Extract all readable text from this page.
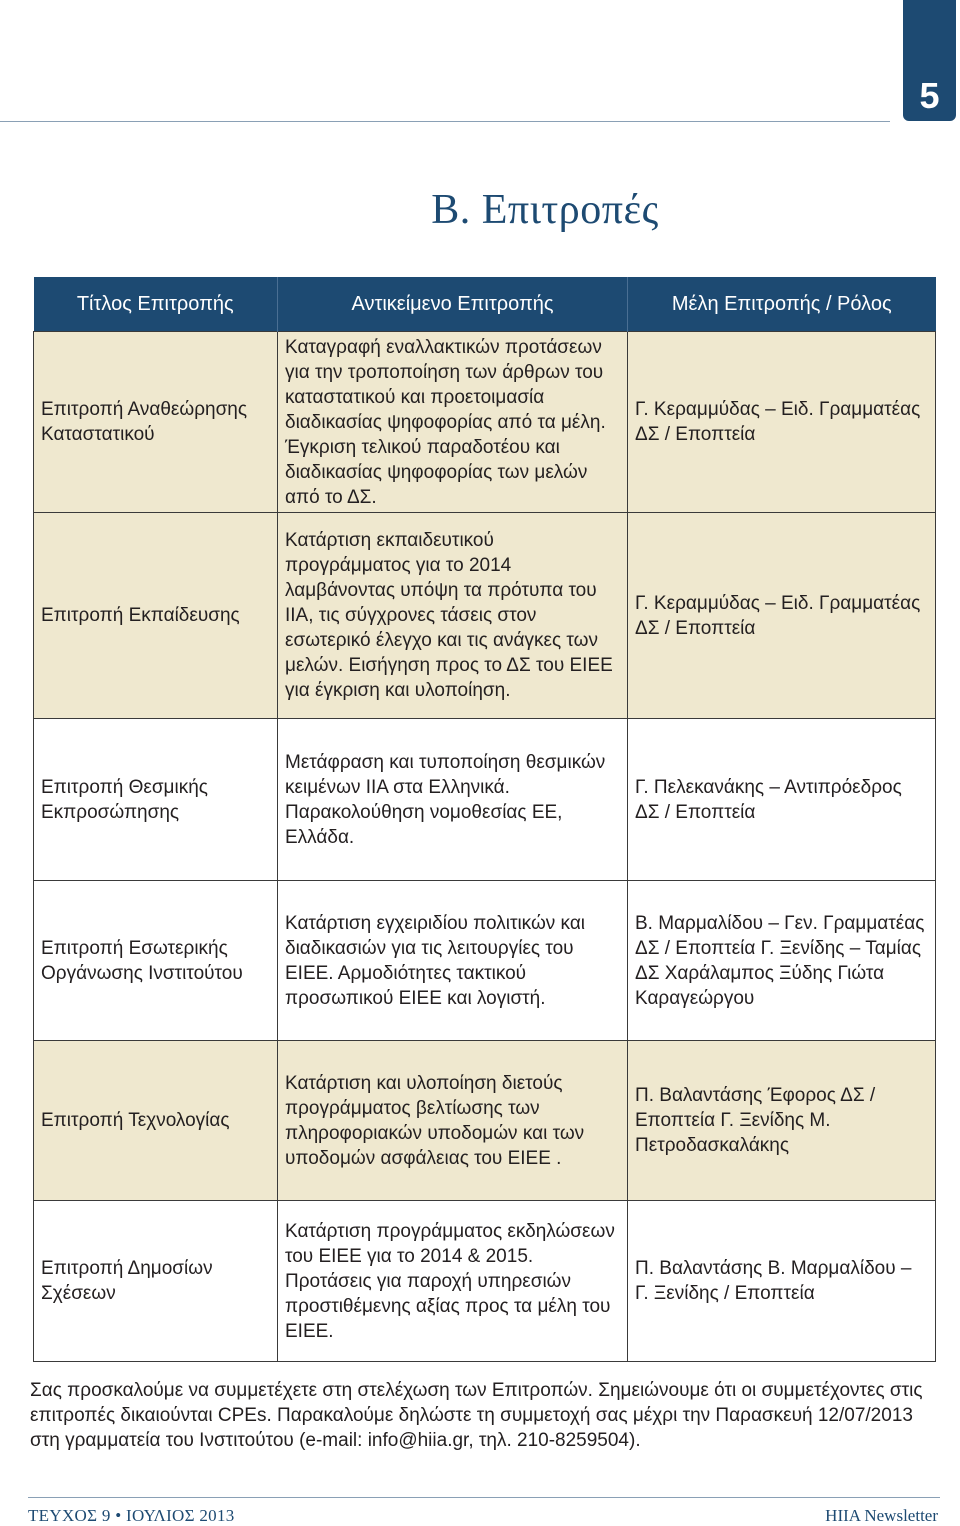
5
Β. Επιτροπές
Τίτλος Επιτροπής	Αντικείμενο Επιτροπής	Μέλη Επιτροπής / Ρόλος
Επιτροπή Αναθεώρησης Καταστατικού	Καταγραφή εναλλακτικών προτάσεων για την τροποποίηση των άρθρων του καταστατικού και προετοιμασία διαδικασίας ψηφοφορίας από τα μέλη. Έγκριση τελικού παραδοτέου και διαδικασίας ψηφοφορίας των μελών από το ΔΣ.	Γ. Κεραμμύδας – Ειδ. Γραμματέας ΔΣ / Εποπτεία
Επιτροπή Εκπαίδευσης	Κατάρτιση εκπαιδευτικού προγράμματος για το 2014 λαμβάνοντας υπόψη τα πρότυπα του ΙΙΑ, τις σύγχρονες τάσεις στον εσωτερικό έλεγχο και τις ανάγκες των μελών. Εισήγηση προς το ΔΣ του ΕΙΕΕ για έγκριση και υλοποίηση.	Γ. Κεραμμύδας – Ειδ. Γραμματέας ΔΣ / Εποπτεία
Επιτροπή Θεσμικής Εκπροσώπησης	Μετάφραση και τυποποίηση θεσμικών κειμένων ΙΙΑ στα Ελληνικά. Παρακολούθηση νομοθεσίας ΕΕ, Ελλάδα.	Γ. Πελεκανάκης – Αντιπρόεδρος ΔΣ / Εποπτεία
Επιτροπή Εσωτερικής Οργάνωσης Ινστιτούτου	Κατάρτιση εγχειριδίου πολιτικών και διαδικασιών για τις λειτουργίες του ΕΙΕΕ. Αρμοδιότητες τακτικού προσωπικού ΕΙΕΕ και λογιστή.	Β. Μαρμαλίδου – Γεν. Γραμματέας ΔΣ / Εποπτεία Γ. Ξενίδης – Ταμίας ΔΣ Χαράλαμπος Ξύδης Γιώτα Καραγεώργου
Επιτροπή Τεχνολογίας	Κατάρτιση και υλοποίηση διετούς προγράμματος βελτίωσης των πληροφοριακών υποδομών και των υποδομών ασφάλειας του ΕΙΕΕ .	Π. Βαλαντάσης Έφορος ΔΣ / Εποπτεία Γ. Ξενίδης Μ. Πετροδασκαλάκης
Επιτροπή Δημοσίων Σχέσεων	Κατάρτιση προγράμματος εκδηλώσεων του ΕΙΕΕ για το 2014 & 2015. Προτάσεις για παροχή υπηρεσιών προστιθέμενης αξίας προς τα μέλη του ΕΙΕΕ.	Π. Βαλαντάσης Β. Μαρμαλίδου – Γ. Ξενίδης / Εποπτεία
Σας προσκαλούμε να συμμετέχετε στη στελέχωση των Επιτροπών. Σημειώνουμε ότι οι συμμετέχοντες στις επιτροπές δικαιούνται CPEs. Παρακαλούμε δηλώστε τη συμμετοχή σας μέχρι την Παρασκευή 12/07/2013 στη γραμματεία του Ινστιτούτου (e-mail: info@hiia.gr, τηλ. 210-8259504).
ΤΕΥΧΟΣ 9 • ΙΟΥΛΙΟΣ 2013	HIIA Newsletter
